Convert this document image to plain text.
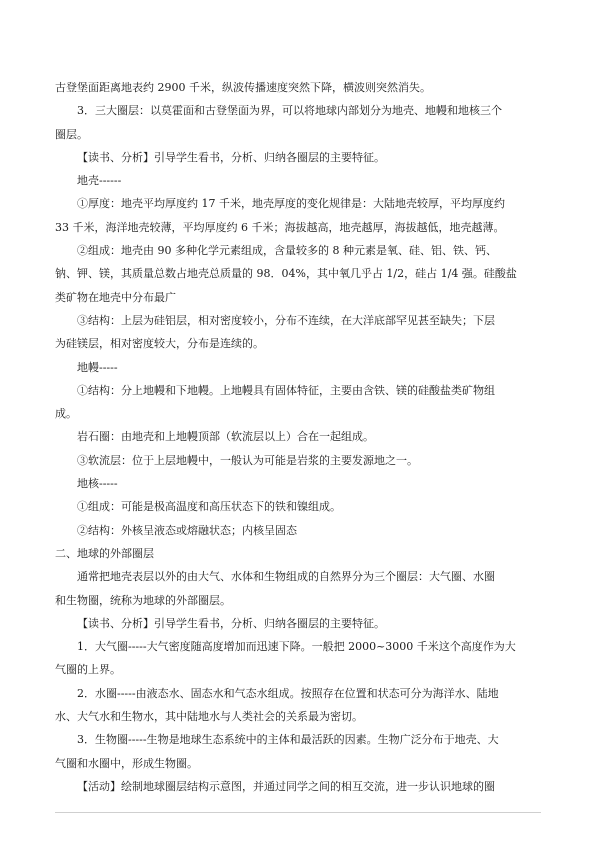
古登堡面距离地表约 2900 千米，纵波传播速度突然下降，横波则突然消失。
3．三大圈层：以莫霍面和古登堡面为界，可以将地球内部划分为地壳、地幔和地核三个
圈层。
【读书、分析】引导学生看书，分析、归纳各圈层的主要特征。
地壳------
①厚度：地壳平均厚度约 17 千米，地壳厚度的变化规律是：大陆地壳较厚，平均厚度约
33 千米，海洋地壳较薄，平均厚度约 6 千米；海拔越高，地壳越厚，海拔越低，地壳越薄。
②组成：地壳由 90 多种化学元素组成，含量较多的 8 种元素是氧、硅、铝、铁、钙、
钠、钾、镁，其质量总数占地壳总质量的 98．04%，其中氧几乎占 1/2，硅占 1/4 强。硅酸盐
类矿物在地壳中分布最广
③结构：上层为硅铝层，相对密度较小，分布不连续，在大洋底部罕见甚至缺失；下层
为硅镁层，相对密度较大，分布是连续的。
地幔-----
①结构：分上地幔和下地幔。上地幔具有固体特征，主要由含铁、镁的硅酸盐类矿物组
成。
岩石圈：由地壳和上地幔顶部（软流层以上）合在一起组成。
③软流层：位于上层地幔中，一般认为可能是岩浆的主要发源地之一。
地核-----
①组成：可能是极高温度和高压状态下的铁和镍组成。
②结构：外核呈液态或熔融状态；内核呈固态
二、地球的外部圈层
通常把地壳表层以外的由大气、水体和生物组成的自然界分为三个圈层：大气圈、水圈
和生物圈，统称为地球的外部圈层。
【读书、分析】引导学生看书，分析、归纳各圈层的主要特征。
1．大气圈-----大气密度随高度增加而迅速下降。一般把 2000~3000 千米这个高度作为大
气圈的上界。
2．水圈-----由液态水、固态水和气态水组成。按照存在位置和状态可分为海洋水、陆地
水、大气水和生物水，其中陆地水与人类社会的关系最为密切。
3．生物圈-----生物是地球生态系统中的主体和最活跃的因素。生物广泛分布于地壳、大
气圈和水圈中，形成生物圈。
【活动】绘制地球圈层结构示意图，并通过同学之间的相互交流，进一步认识地球的圈
